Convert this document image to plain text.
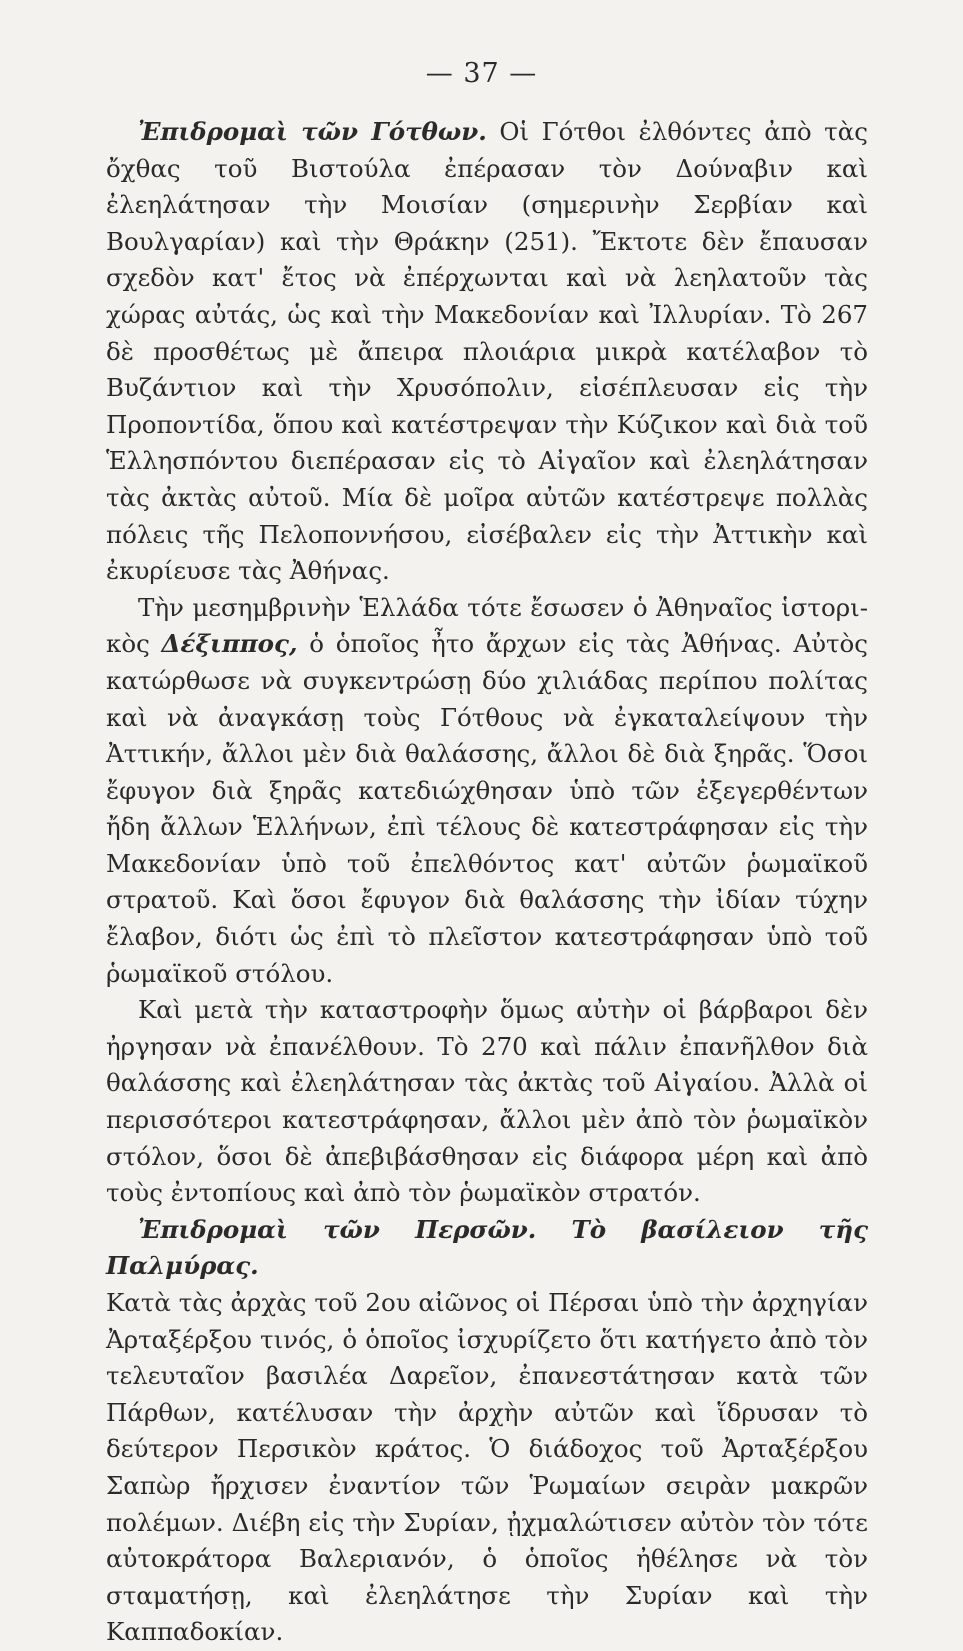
— 37 —

Ἐπιδρομαὶ τῶν Γότθων. Οἱ Γότθοι ἐλθόντες ἀπὸ τὰς ὄχθας τοῦ Βιστούλα ἐπέρασαν τὸν Δούναβιν καὶ ἐλεηλάτησαν τὴν Μοισίαν (σημερινὴν Σερβίαν καὶ Βουλγαρίαν) καὶ τὴν Θράκην (251). Ἔκτοτε δὲν ἔπαυσαν σχεδὸν κατ' ἔτος νὰ ἐπέρχωνται καὶ νὰ λεηλατοῦν τὰς χώρας αὐτάς, ὡς καὶ τὴν Μακεδονίαν καὶ Ἰλλυρίαν. Τὸ 267 δὲ προσθέτως μὲ ἄπειρα πλοιάρια μικρὰ κατέλαβον τὸ Βυζάντιον καὶ τὴν Χρυσόπολιν, εἰσέπλευσαν εἰς τὴν Προποντίδα, ὅπου καὶ κατέστρεψαν τὴν Κύζικον καὶ διὰ τοῦ Ἑλλησπόντου διεπέρασαν εἰς τὸ Αἰγαῖον καὶ ἐλεηλάτησαν τὰς ἀκτὰς αὐτοῦ. Μία δὲ μοῖρα αὐτῶν κατέστρεψε πολλὰς πόλεις τῆς Πελοποννήσου, εἰσέβαλεν εἰς τὴν Ἀττικὴν καὶ ἐκυρίευσε τὰς Ἀθήνας.

Τὴν μεσημβρινὴν Ἑλλάδα τότε ἔσωσεν ὁ Ἀθηναῖος ἱστορικὸς Δέξιππος, ὁ ὁποῖος ἦτο ἄρχων εἰς τὰς Ἀθήνας. Αὐτὸς κατώρθωσε νὰ συγκεντρώσῃ δύο χιλιάδας περίπου πολίτας καὶ νὰ ἀναγκάσῃ τοὺς Γότθους νὰ ἐγκαταλείψουν τὴν Ἀττικήν, ἄλλοι μὲν διὰ θαλάσσης, ἄλλοι δὲ διὰ ξηρᾶς. Ὅσοι ἔφυγον διὰ ξηρᾶς κατεδιώχθησαν ὑπὸ τῶν ἐξεγερθέντων ἤδη ἄλλων Ἑλλήνων, ἐπὶ τέλους δὲ κατεστράφησαν εἰς τὴν Μακεδονίαν ὑπὸ τοῦ ἐπελθόντος κατ' αὐτῶν ῥωμαϊκοῦ στρατοῦ. Καὶ ὅσοι ἔφυγον διὰ θαλάσσης τὴν ἰδίαν τύχην ἔλαβον, διότι ὡς ἐπὶ τὸ πλεῖστον κατεστράφησαν ὑπὸ τοῦ ῥωμαϊκοῦ στόλου.

Καὶ μετὰ τὴν καταστροφὴν ὅμως αὐτὴν οἱ βάρβαροι δὲν ἠργησαν νὰ ἐπανέλθουν. Τὸ 270 καὶ πάλιν ἐπανῆλθον διὰ θαλάσσης καὶ ἐλεηλάτησαν τὰς ἀκτὰς τοῦ Αἰγαίου. Ἀλλὰ οἱ περισσότεροι κατεστράφησαν, ἄλλοι μὲν ἀπὸ τὸν ῥωμαϊκὸν στόλον, ὅσοι δὲ ἀπεβιβάσθησαν εἰς διάφορα μέρη καὶ ἀπὸ τοὺς ἐντοπίους καὶ ἀπὸ τὸν ῥωμαϊκὸν στρατόν.

Ἐπιδρομαὶ τῶν Περσῶν. Τὸ βασίλειον τῆς Παλμύρας.
Κατὰ τὰς ἀρχὰς τοῦ 2ου αἰῶνος οἱ Πέρσαι ὑπὸ τὴν ἀρχηγίαν Ἀρταξέρξου τινός, ὁ ὁποῖος ἰσχυρίζετο ὅτι κατήγετο ἀπὸ τὸν τελευταῖον βασιλέα Δαρεῖον, ἐπανεστάτησαν κατὰ τῶν Πάρθων, κατέλυσαν τὴν ἀρχὴν αὐτῶν καὶ ἵδρυσαν τὸ δεύτερον Περσικὸν κράτος. Ὁ διάδοχος τοῦ Ἀρταξέρξου Σαπὼρ ἤρχισεν ἐναντίον τῶν Ῥωμαίων σειρὰν μακρῶν πολέμων. Διέβη εἰς τὴν Συρίαν, ᾐχμαλώτισεν αὐτὸν τὸν τότε αὐτοκράτορα Βαλεριανόν, ὁ ὁποῖος ἠθέλησε νὰ τὸν σταματήσῃ, καὶ ἐλεηλάτησε τὴν Συρίαν καὶ τὴν Καππαδοκίαν.
